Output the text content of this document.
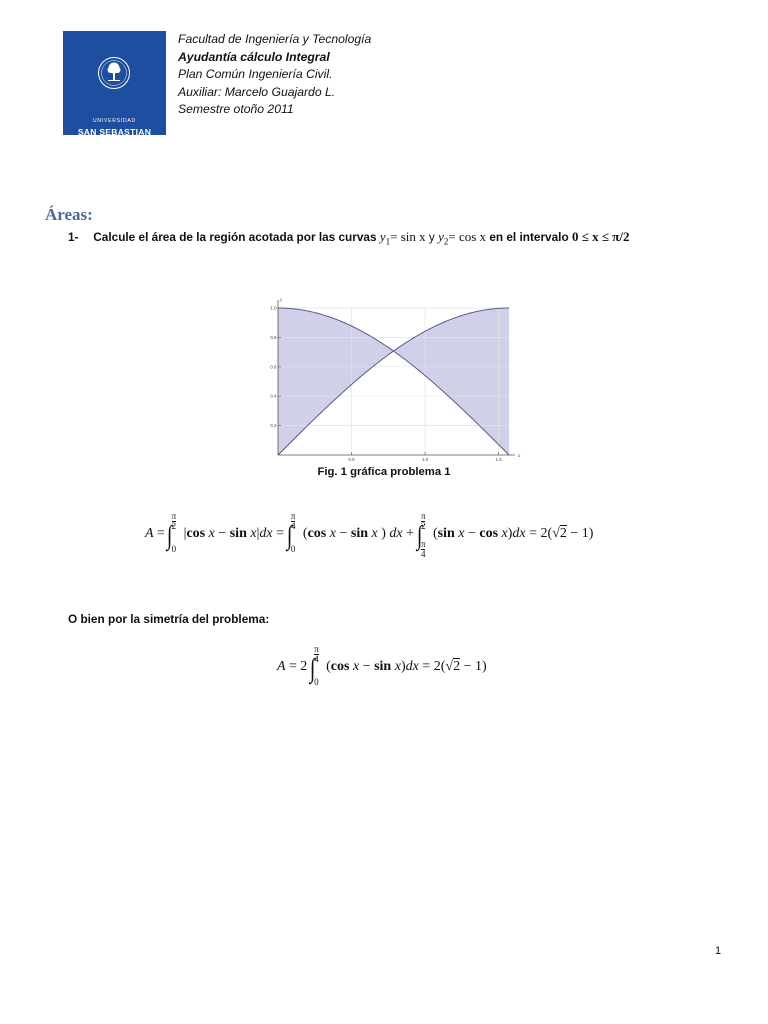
UNIVERSIDAD
SAN SEBASTIAN
Facultad de Ingeniería y Tecnología
Ayudantía cálculo Integral
Plan Común Ingeniería Civil.
Auxiliar: Marcelo Guajardo L.
Semestre otoño 2011
Áreas:
1- Calcule el área de la región acotada por las curvas $y_1= \sin x$ y $y_2= \cos x$ en el intervalo 0 ≤ x ≤ π/2
0.5	1.0	1.5
0.2
0.4
0.6
0.8
1.0
x
y
Fig. 1 gráfica problema 1
A = ∫
$\frac{\pi}{2}$
0
|cos x − sin x|dx = ∫
$\frac{\pi}{4}$
0
(cos x − sin x ) dx + ∫
$\frac{\pi}{2}$
$\frac{\pi}{4}$
(sin x − cos x)dx = 2(√2 − 1)
O bien por la simetría del problema:
A = 2 ∫
$\frac{\pi}{4}$
0
(cos x − sin x)dx = 2(√2 − 1)
1
